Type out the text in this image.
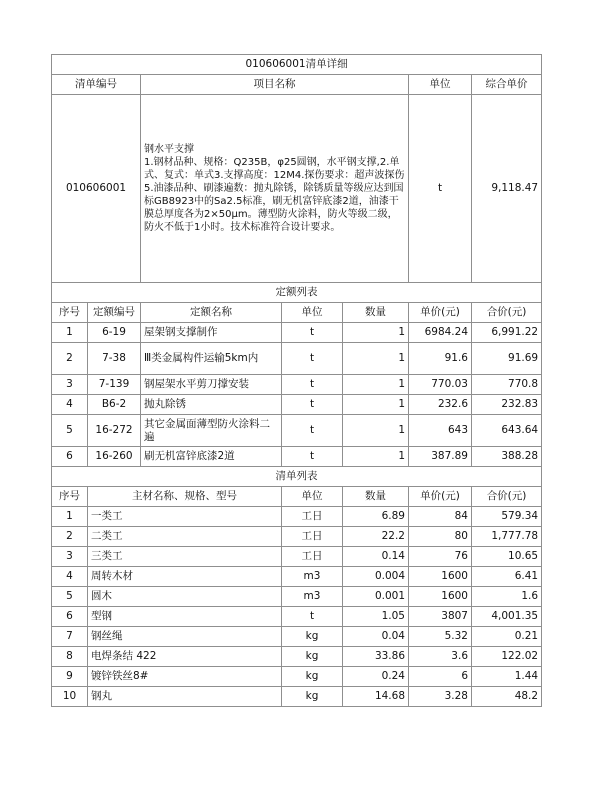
010606001清单详细						
清单编号		项目名称			单位	综合单价
010606001		钢水平支撑
1.钢材品种、规格：Q235B，φ25圆钢，水平钢支撑,2.单式、复式：单式3.支撑高度：12M4.探伤要求：超声波探伤5.油漆品种、刷漆遍数：抛丸除锈，除锈质量等级应达到国标GB8923中的Sa2.5标准，刷无机富锌底漆2道，油漆干膜总厚度各为2×50μm。薄型防火涂料，防火等级二级，防火不低于1小时。技术标准符合设计要求。			t	9,118.47
定额列表						
序号	定额编号	定额名称	单位	数量	单价(元)	合价(元)
1	6-19	屋架钢支撑制作	t	1	6984.24	6,991.22
2	7-38	Ⅲ类金属构件运输5km内	t	1	91.6	91.69
3	7-139	钢屋架水平剪刀撑安装	t	1	770.03	770.8
4	B6-2	抛丸除锈	t	1	232.6	232.83
5	16-272	其它金属面薄型防火涂料二遍	t	1	643	643.64
6	16-260	刷无机富锌底漆2道	t	1	387.89	388.28
清单列表						
序号	主材名称、规格、型号		单位	数量	单价(元)	合价(元)
1	一类工		工日	6.89	84	579.34
2	二类工		工日	22.2	80	1,777.78
3	三类工		工日	0.14	76	10.65
4	周转木材		m3	0.004	1600	6.41
5	圆木		m3	0.001	1600	1.6
6	型钢		t	1.05	3807	4,001.35
7	钢丝绳		kg	0.04	5.32	0.21
8	电焊条结 422		kg	33.86	3.6	122.02
9	镀锌铁丝8#		kg	0.24	6	1.44
10	钢丸		kg	14.68	3.28	48.2
